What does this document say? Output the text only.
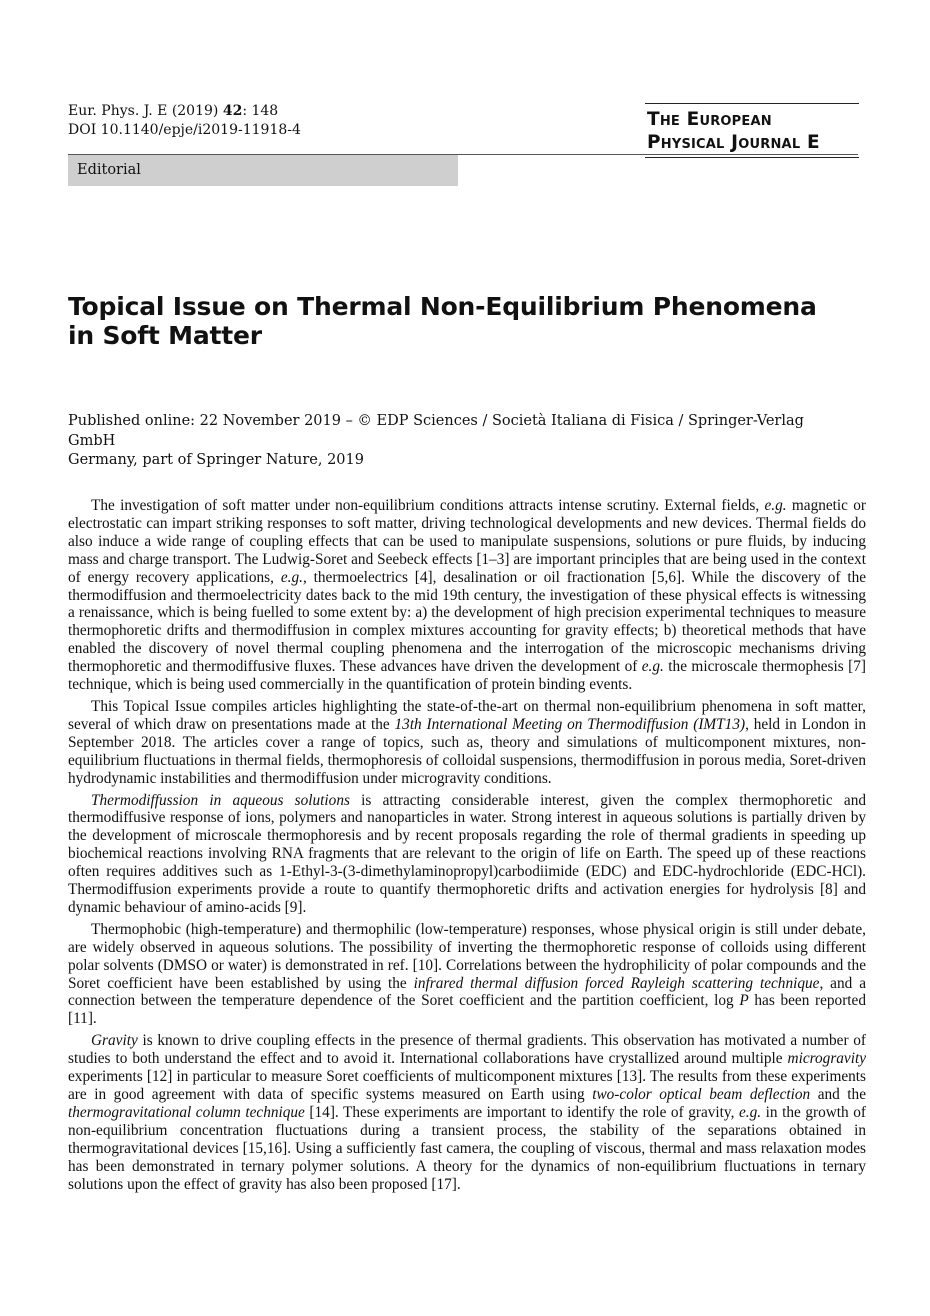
Eur. Phys. J. E (2019) 42: 148
DOI 10.1140/epje/i2019-11918-4	The European
Physical Journal E
Editorial
Topical Issue on Thermal Non-Equilibrium Phenomena
in Soft Matter
Published online: 22 November 2019 – © EDP Sciences / Società Italiana di Fisica / Springer-Verlag GmbH
Germany, part of Springer Nature, 2019

The investigation of soft matter under non-equilibrium conditions attracts intense scrutiny. External fields, e.g. magnetic or electrostatic can impart striking responses to soft matter, driving technological developments and new devices. Thermal fields do also induce a wide range of coupling effects that can be used to manipulate suspensions, solutions or pure fluids, by inducing mass and charge transport. The Ludwig-Soret and Seebeck effects [1–3] are important principles that are being used in the context of energy recovery applications, e.g., thermoelectrics [4], desalination or oil fractionation [5,6]. While the discovery of the thermodiffusion and thermoelectricity dates back to the mid 19th century, the investigation of these physical effects is witnessing a renaissance, which is being fuelled to some extent by: a) the development of high precision experimental techniques to measure thermophoretic drifts and thermodiffusion in complex mixtures accounting for gravity effects; b) theoretical methods that have enabled the discovery of novel thermal coupling phenomena and the interrogation of the microscopic mechanisms driving thermophoretic and thermodiffusive fluxes. These advances have driven the development of e.g. the microscale thermophesis [7] technique, which is being used commercially in the quantification of protein binding events.

This Topical Issue compiles articles highlighting the state-of-the-art on thermal non-equilibrium phenomena in soft matter, several of which draw on presentations made at the 13th International Meeting on Thermodiffusion (IMT13), held in London in September 2018. The articles cover a range of topics, such as, theory and simulations of multicomponent mixtures, non-equilibrium fluctuations in thermal fields, thermophoresis of colloidal suspensions, thermodiffusion in porous media, Soret-driven hydrodynamic instabilities and thermodiffusion under microgravity conditions.

Thermodiffussion in aqueous solutions is attracting considerable interest, given the complex thermophoretic and thermodiffusive response of ions, polymers and nanoparticles in water. Strong interest in aqueous solutions is partially driven by the development of microscale thermophoresis and by recent proposals regarding the role of thermal gradients in speeding up biochemical reactions involving RNA fragments that are relevant to the origin of life on Earth. The speed up of these reactions often requires additives such as 1-Ethyl-3-(3-dimethylaminopropyl)carbodiimide (EDC) and EDC-hydrochloride (EDC-HCl). Thermodiffusion experiments provide a route to quantify thermophoretic drifts and activation energies for hydrolysis [8] and dynamic behaviour of amino-acids [9].

Thermophobic (high-temperature) and thermophilic (low-temperature) responses, whose physical origin is still under debate, are widely observed in aqueous solutions. The possibility of inverting the thermophoretic response of colloids using different polar solvents (DMSO or water) is demonstrated in ref. [10]. Correlations between the hydrophilicity of polar compounds and the Soret coefficient have been established by using the infrared thermal diffusion forced Rayleigh scattering technique, and a connection between the temperature dependence of the Soret coefficient and the partition coefficient, log P has been reported [11].

Gravity is known to drive coupling effects in the presence of thermal gradients. This observation has motivated a number of studies to both understand the effect and to avoid it. International collaborations have crystallized around multiple microgravity experiments [12] in particular to measure Soret coefficients of multicomponent mixtures [13]. The results from these experiments are in good agreement with data of specific systems measured on Earth using two-color optical beam deflection and the thermogravitational column technique [14]. These experiments are important to identify the role of gravity, e.g. in the growth of non-equilibrium concentration fluctuations during a transient process, the stability of the separations obtained in thermogravitational devices [15,16]. Using a sufficiently fast camera, the coupling of viscous, thermal and mass relaxation modes has been demonstrated in ternary polymer solutions. A theory for the dynamics of non-equilibrium fluctuations in ternary solutions upon the effect of gravity has also been proposed [17].
